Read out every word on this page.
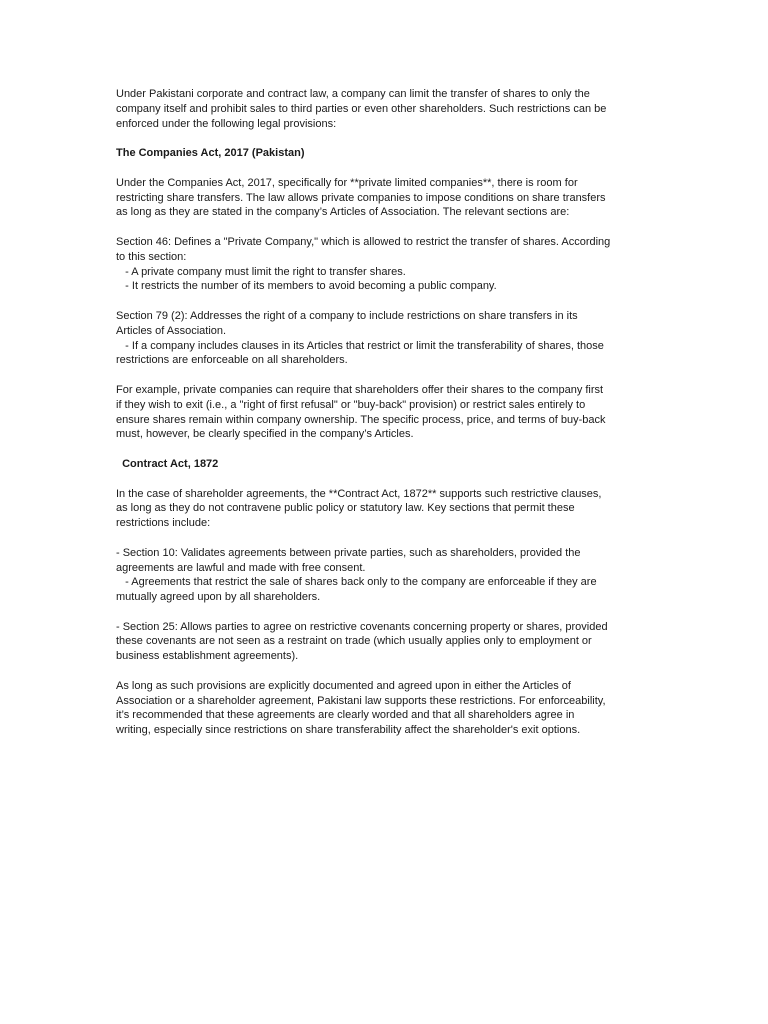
Under Pakistani corporate and contract law, a company can limit the transfer of shares to only the
company itself and prohibit sales to third parties or even other shareholders. Such restrictions can be
enforced under the following legal provisions:
The Companies Act, 2017 (Pakistan)
Under the Companies Act, 2017, specifically for **private limited companies**, there is room for
restricting share transfers. The law allows private companies to impose conditions on share transfers
as long as they are stated in the company’s Articles of Association. The relevant sections are:
Section 46: Defines a "Private Company," which is allowed to restrict the transfer of shares. According
to this section:
- A private company must limit the right to transfer shares.
- It restricts the number of its members to avoid becoming a public company.
Section 79 (2): Addresses the right of a company to include restrictions on share transfers in its
Articles of Association.
- If a company includes clauses in its Articles that restrict or limit the transferability of shares, those
restrictions are enforceable on all shareholders.
For example, private companies can require that shareholders offer their shares to the company first
if they wish to exit (i.e., a "right of first refusal" or "buy-back" provision) or restrict sales entirely to
ensure shares remain within company ownership. The specific process, price, and terms of buy-back
must, however, be clearly specified in the company’s Articles.
Contract Act, 1872
In the case of shareholder agreements, the **Contract Act, 1872** supports such restrictive clauses,
as long as they do not contravene public policy or statutory law. Key sections that permit these
restrictions include:
- Section 10: Validates agreements between private parties, such as shareholders, provided the
agreements are lawful and made with free consent.
- Agreements that restrict the sale of shares back only to the company are enforceable if they are
mutually agreed upon by all shareholders.
- Section 25: Allows parties to agree on restrictive covenants concerning property or shares, provided
these covenants are not seen as a restraint on trade (which usually applies only to employment or
business establishment agreements).
As long as such provisions are explicitly documented and agreed upon in either the Articles of
Association or a shareholder agreement, Pakistani law supports these restrictions. For enforceability,
it’s recommended that these agreements are clearly worded and that all shareholders agree in
writing, especially since restrictions on share transferability affect the shareholder's exit options.
